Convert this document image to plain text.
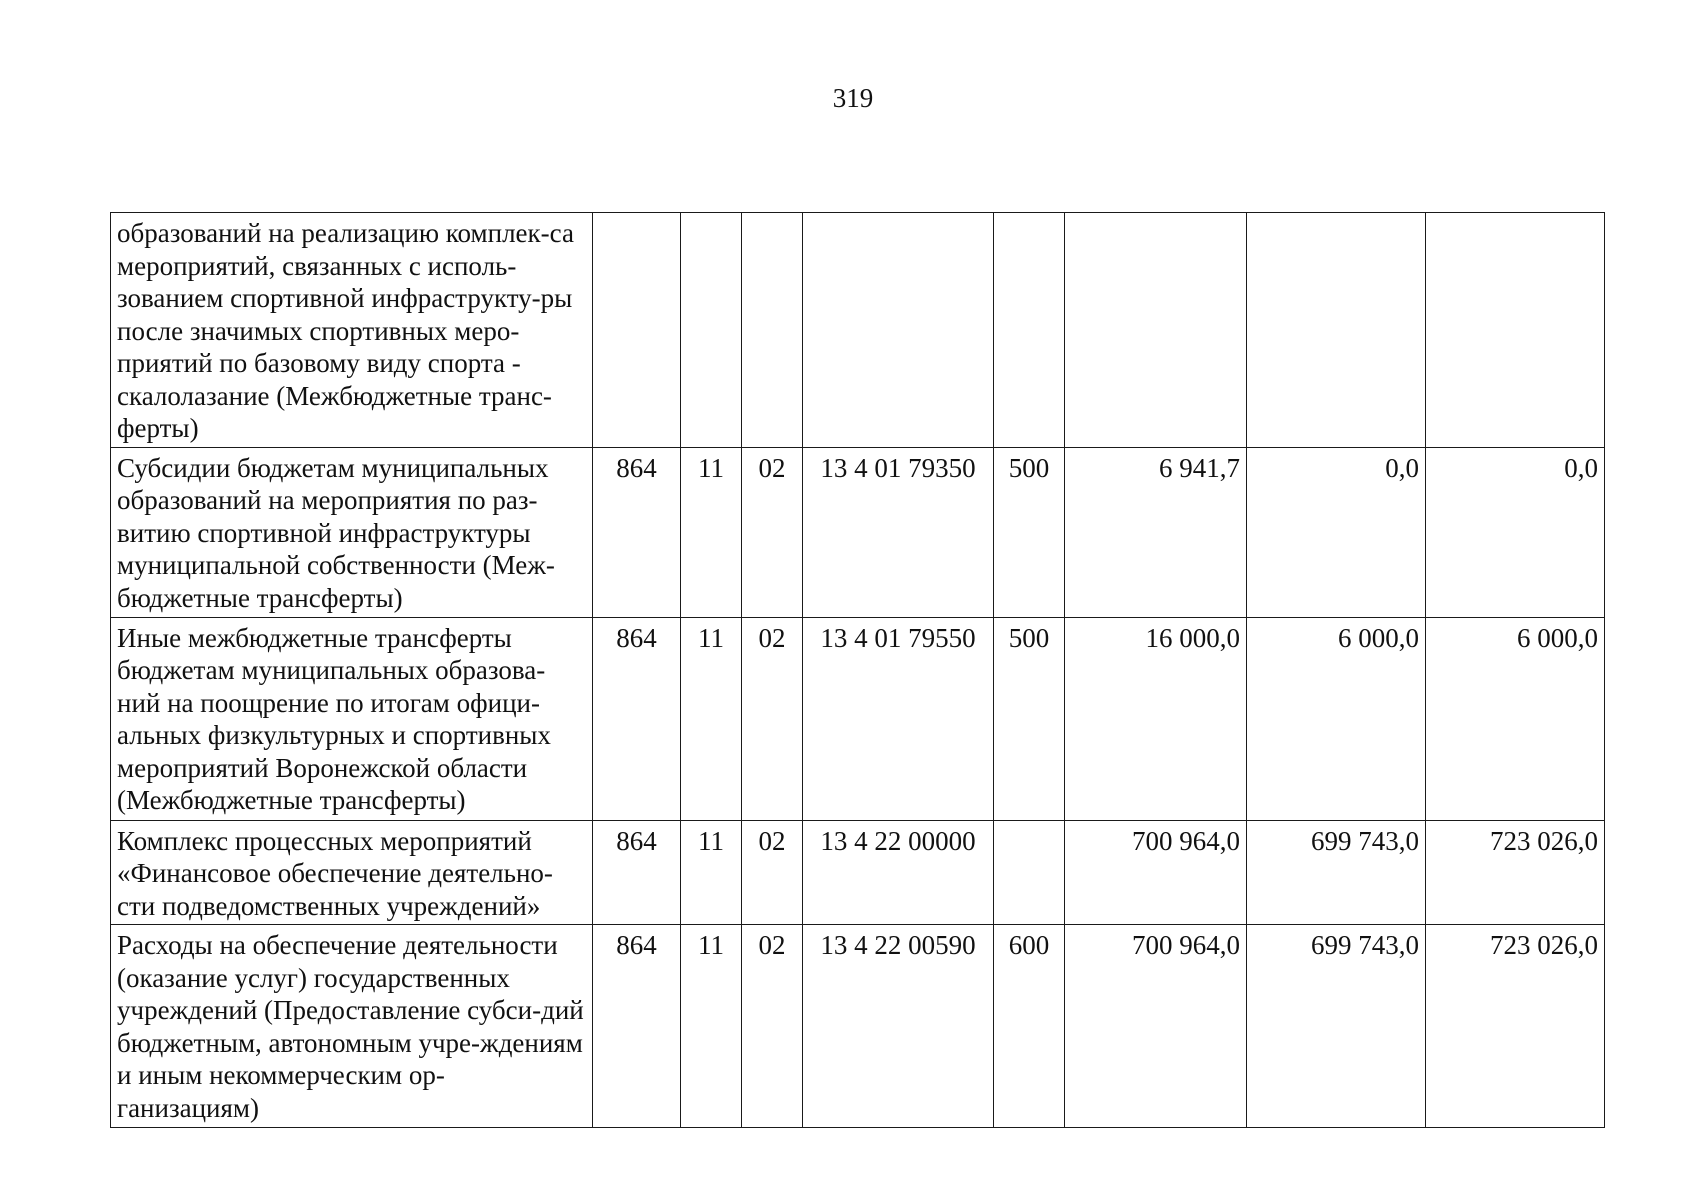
319
образований на реализацию комплек-са мероприятий, связанных с исполь-зованием спортивной инфраструкту-ры после значимых спортивных меро-приятий по базовому виду спорта - скалолазание (Межбюджетные транс-ферты)								
Субсидии бюджетам муниципальных образований на мероприятия по раз-витию спортивной инфраструктуры муниципальной собственности (Меж-бюджетные трансферты)	864	11	02	13 4 01 79350	500	6 941,7	0,0	0,0
Иные межбюджетные трансферты бюджетам муниципальных образова-ний на поощрение по итогам офици-альных физкультурных и спортивных мероприятий Воронежской области (Межбюджетные трансферты)	864	11	02	13 4 01 79550	500	16 000,0	6 000,0	6 000,0
Комплекс процессных мероприятий «Финансовое обеспечение деятельно-сти подведомственных учреждений»	864	11	02	13 4 22 00000		700 964,0	699 743,0	723 026,0
Расходы на обеспечение деятельности (оказание услуг) государственных учреждений (Предоставление субси-дий бюджетным, автономным учре-ждениям и иным некоммерческим ор-ганизациям)	864	11	02	13 4 22 00590	600	700 964,0	699 743,0	723 026,0
